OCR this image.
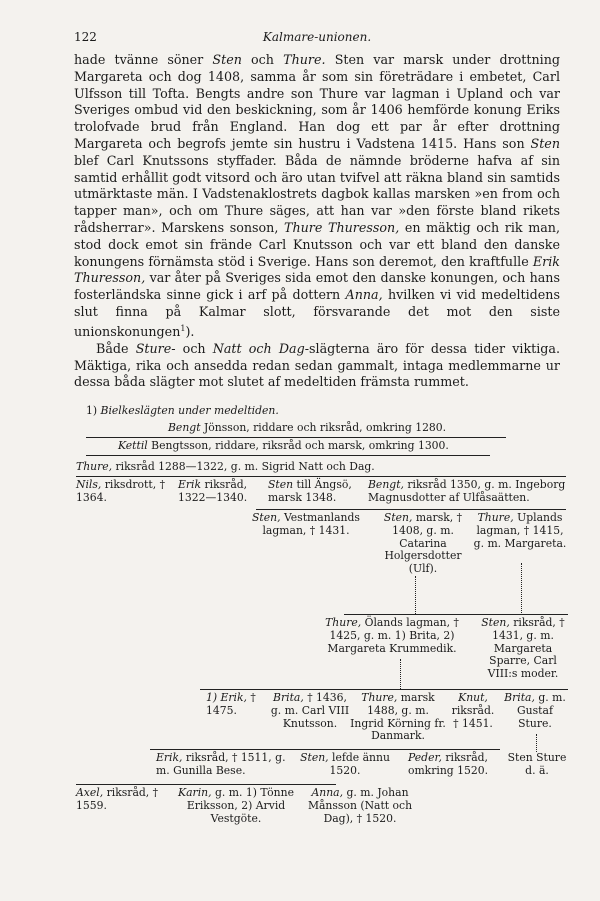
122	Kalmare-unionen.

hade tvänne söner Sten och Thure. Sten var marsk under drottning Margareta och dog 1408, samma år som sin företrädare i embetet, Carl Ulfsson till Tofta. Bengts andre son Thure var lagman i Upland och var Sveriges ombud vid den beskickning, som år 1406 hemförde konung Eriks trolofvade brud från England. Han dog ett par år efter drottning Margareta och begrofs jemte sin hustru i Vadstena 1415. Hans son Sten blef Carl Knutssons styffader. Båda de nämnde bröderne hafva af sin samtid erhållit godt vitsord och äro utan tvifvel att räkna bland sin samtids utmärktaste män. I Vadstenaklostrets dagbok kallas marsken »en from och tapper man», och om Thure säges, att han var »den förste bland rikets rådsherrar». Marskens sonson, Thure Thuresson, en mäktig och rik man, stod dock emot sin frände Carl Knutsson och var ett bland den danske konungens förnämsta stöd i Sverige. Hans son deremot, den kraftfulle Erik Thuresson, var åter på Sveriges sida emot den danske konungen, och hans fosterländska sinne gick i arf på dottern Anna, hvilken vi vid medeltidens slut finna på Kalmar slott, försvarande det mot den siste unionskonungen$^1$).

Både Sture- och Natt och Dag-slägterna äro för dessa tider viktiga. Mäktiga, rika och ansedda redan sedan gammalt, intaga medlemmarne ur dessa båda slägter mot slutet af medeltiden främsta rummet.

1) Bielkeslägten under medeltiden.
Bengt Jönsson, riddare och riksråd, omkring 1280.
Kettil Bengtsson, riddare, riksråd och marsk, omkring 1300.
Thure, riksråd 1288—1322, g. m. Sigrid Natt och Dag.
Nils, riksdrott, † 1364.
Erik riksråd, 1322—1340.
Sten till Ängsö, marsk 1348.
Bengt, riksråd 1350, g. m. Ingeborg Magnusdotter af Ulfåsaätten.
Sten, Vestmanlands lagman, † 1431.
Sten, marsk, † 1408, g. m. Catarina Holgersdotter (Ulf).
Thure, Uplands lagman, † 1415, g. m. Margareta.
Thure, Ölands lagman, † 1425, g. m. 1) Brita, 2) Margareta Krummedik.
Sten, riksråd, † 1431, g. m. Margareta Sparre, Carl VIII:s moder.
1) Erik, † 1475.
Brita, † 1436, g. m. Carl VIII Knutsson.
Thure, marsk 1488, g. m. Ingrid Körning fr. Danmark.
Knut, riksråd. † 1451.
Brita, g. m. Gustaf Sture.
Erik, riksråd, † 1511, g. m. Gunilla Bese.
Sten, lefde ännu 1520.
Peder, riksråd, omkring 1520.
Sten Sture d. ä.
Axel, riksråd, † 1559.
Karin, g. m. 1) Tönne Eriksson, 2) Arvid Vestgöte.
Anna, g. m. Johan Månsson (Natt och Dag), † 1520.
